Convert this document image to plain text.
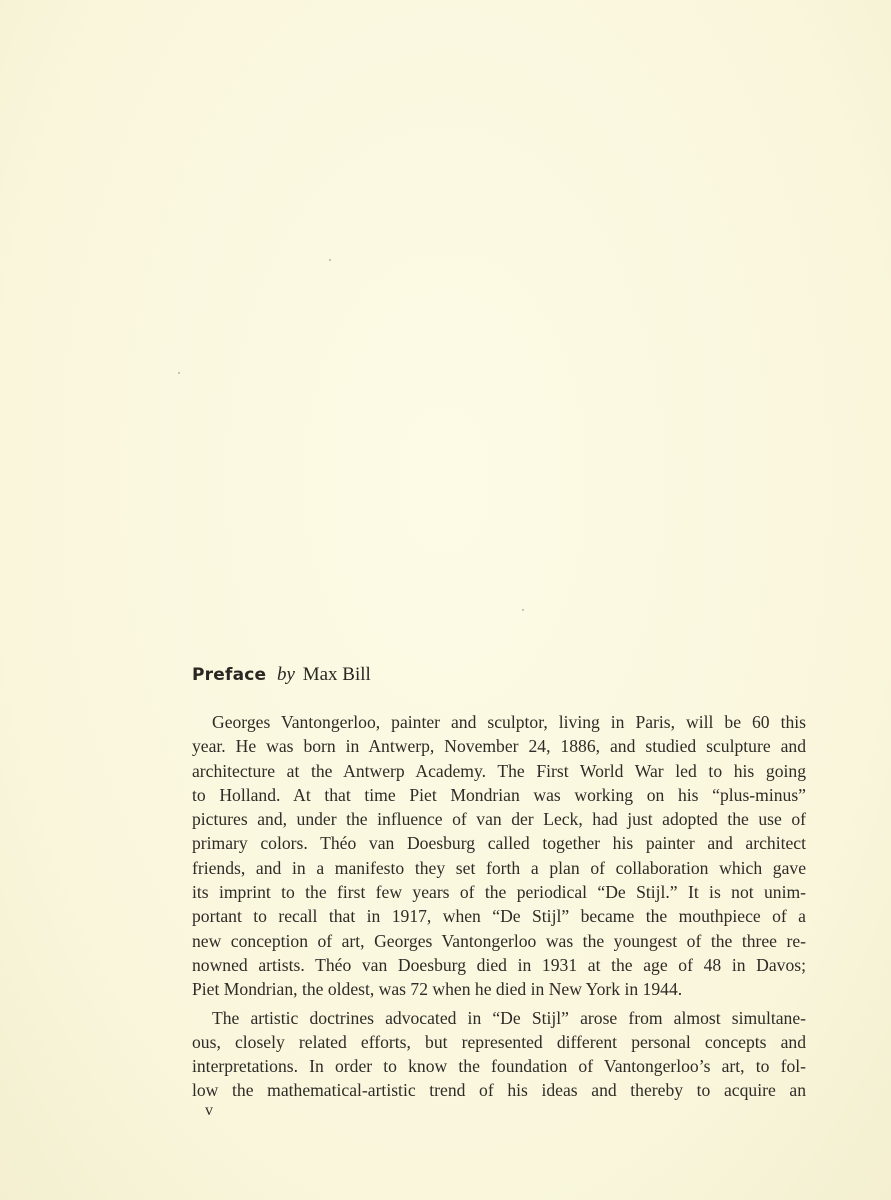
Preface by Max Bill
Georges Vantongerloo, painter and sculptor, living in Paris, will be 60 this
year. He was born in Antwerp, November 24, 1886, and studied sculpture and
architecture at the Antwerp Academy. The First World War led to his going
to Holland. At that time Piet Mondrian was working on his “plus-minus”
pictures and, under the influence of van der Leck, had just adopted the use of
primary colors. Théo van Doesburg called together his painter and architect
friends, and in a manifesto they set forth a plan of collaboration which gave
its imprint to the first few years of the periodical “De Stijl.” It is not unim-
portant to recall that in 1917, when “De Stijl” became the mouthpiece of a
new conception of art, Georges Vantongerloo was the youngest of the three re-
nowned artists. Théo van Doesburg died in 1931 at the age of 48 in Davos;
Piet Mondrian, the oldest, was 72 when he died in New York in 1944.
The artistic doctrines advocated in “De Stijl” arose from almost simultane-
ous, closely related efforts, but represented different personal concepts and
interpretations. In order to know the foundation of Vantongerloo’s art, to fol-
low the mathematical-artistic trend of his ideas and thereby to acquire an
v
